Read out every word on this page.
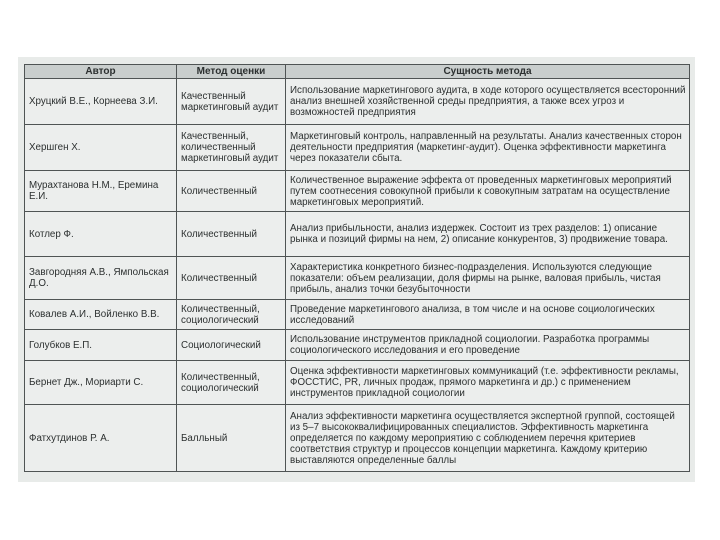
Автор	Метод оценки	Сущность метода
Хруцкий В.Е., Корнеева З.И.	Качественный маркетинговый аудит	Использование маркетингового аудита, в ходе которого осуществляется всесторонний анализ внешней хозяйственной среды предприятия, а также всех угроз и возможностей предприятия
Хершген Х.	Качественный, количественный маркетинговый аудит	Маркетинговый контроль, направленный на результаты. Анализ качественных сторон деятельности предприятия (маркетинг-аудит). Оценка эффективности маркетинга через показатели сбыта.
Мурахтанова Н.М., Еремина Е.И.	Количественный	Количественное выражение эффекта от проведенных маркетинговых мероприятий путем соотнесения совокупной прибыли к совокупным затратам на осуществление маркетинговых мероприятий.
Котлер Ф.	Количественный	Анализ прибыльности, анализ издержек. Состоит из трех разделов: 1) описание рынка и позиций фирмы на нем, 2) описание конкурентов, 3) продвижение товара.
Завгородняя А.В., Ямпольская Д.О.	Количественный	Характеристика конкретного бизнес-подразделения. Используются следующие показатели: объем реализации, доля фирмы на рынке, валовая прибыль, чистая прибыль, анализ точки безубыточности
Ковалев А.И., Войленко В.В.	Количественный, социологический	Проведение маркетингового анализа, в том числе и на основе социологических исследований
Голубков Е.П.	Социологический	Использование инструментов прикладной социологии. Разработка программы социологического исследования и его проведение
Бернет Дж., Мориарти С.	Количественный, социологический	Оценка эффективности маркетинговых коммуникаций (т.е. эффективности рекламы, ФОССТИС, PR, личных продаж, прямого маркетинга и др.) с применением инструментов прикладной социологии
Фатхутдинов Р. А.	Балльный	Анализ эффективности маркетинга осуществляется экспертной группой, состоящей из 5–7 высококвалифицированных специалистов. Эффективность маркетинга определяется по каждому мероприятию с соблюдением перечня критериев соответствия структур и процессов концепции маркетинга. Каждому критерию выставляются определенные баллы
